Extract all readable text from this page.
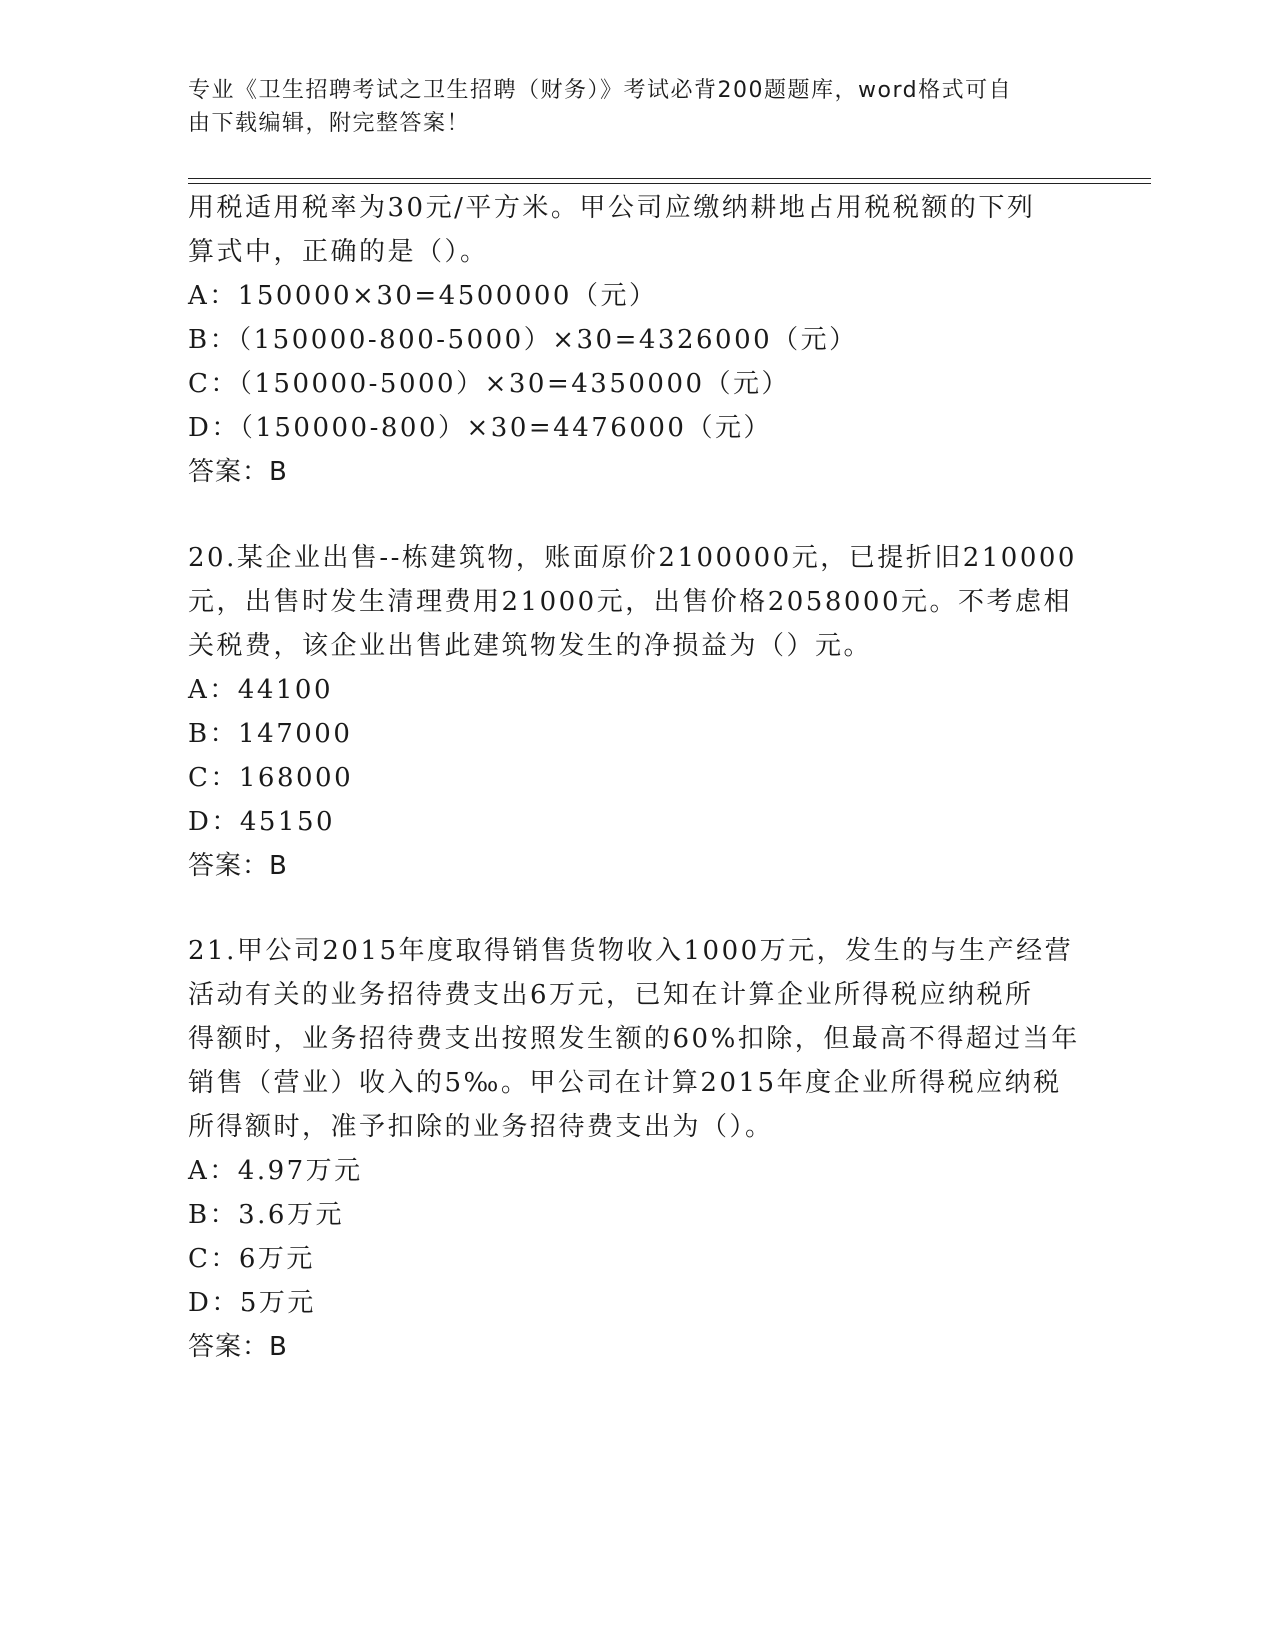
专业《卫生招聘考试之卫生招聘（财务）》考试必背200题题库，word格式可自
由下载编辑，附完整答案！
用税适用税率为30元/平方米。甲公司应缴纳耕地占用税税额的下列
算式中，正确的是（）。
A：150000×30=4500000（元）
B：（150000-800-5000）×30=4326000（元）
C：（150000-5000）×30=4350000（元）
D：（150000-800）×30=4476000（元）
答案：B
20.某企业出售--栋建筑物，账面原价2100000元，已提折旧210000
元，出售时发生清理费用21000元，出售价格2058000元。不考虑相
关税费，该企业出售此建筑物发生的净损益为（）元。
A：44100
B：147000
C：168000
D：45150
答案：B
21.甲公司2015年度取得销售货物收入1000万元，发生的与生产经营
活动有关的业务招待费支出6万元，已知在计算企业所得税应纳税所
得额时，业务招待费支出按照发生额的60%扣除，但最高不得超过当年
销售（营业）收入的5‰。甲公司在计算2015年度企业所得税应纳税
所得额时，准予扣除的业务招待费支出为（）。
A：4.97万元
B：3.6万元
C：6万元
D：5万元
答案：B
